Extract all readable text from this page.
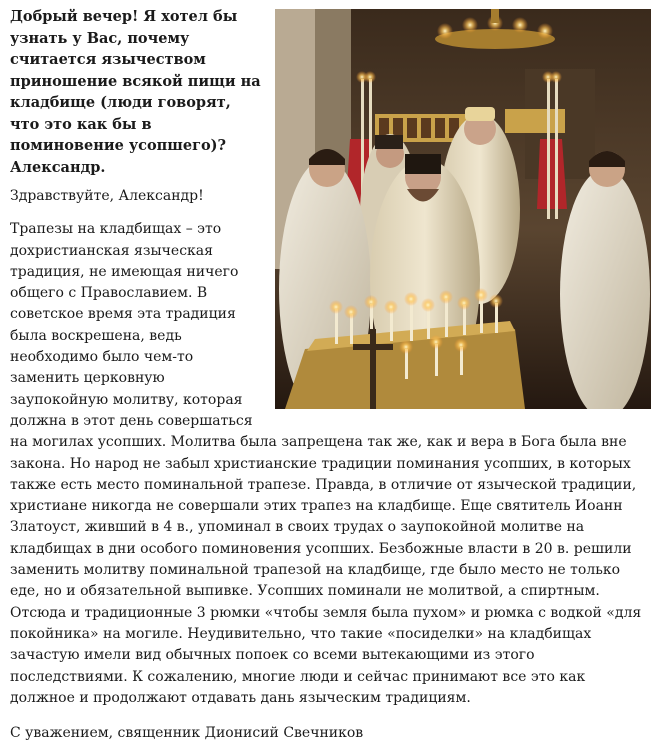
Добрый вечер! Я хотел бы узнать у Вас, почему считается язычеством приношение всякой пищи на кладбище (люди говорят, что это как бы в поминовение усопшего)? Александр.

Здравствуйте, Александр!

Трапезы на кладбищах – это дохристианская языческая традиция, не имеющая ничего общего с Православием. В советское время эта традиция была воскрешена, ведь необходимо было чем-то заменить церковную заупокойную молитву, которая должна в этот день совершаться на могилах усопших. Молитва была запрещена так же, как и вера в Бога была вне закона. Но народ не забыл христианские традиции поминания усопших, в которых также есть место поминальной трапезе. Правда, в отличие от языческой традиции, христиане никогда не совершали этих трапез на кладбище. Еще святитель Иоанн Златоуст, живший в 4 в., упоминал в своих трудах о заупокойной молитве на кладбищах в дни особого поминовения усопших. Безбожные власти в 20 в. решили заменить молитву поминальной трапезой на кладбище, где было место не только еде, но и обязательной выпивке. Усопших поминали не молитвой, а спиртным. Отсюда и традиционные 3 рюмки «чтобы земля была пухом» и рюмка с водкой «для покойника» на могиле. Неудивительно, что такие «посиделки» на кладбищах зачастую имели вид обычных попоек со всеми вытекающими из этого последствиями. К сожалению, многие люди и сейчас принимают все это как должное и продолжают отдавать дань языческим традициям.

С уважением, священник Дионисий Свечников
